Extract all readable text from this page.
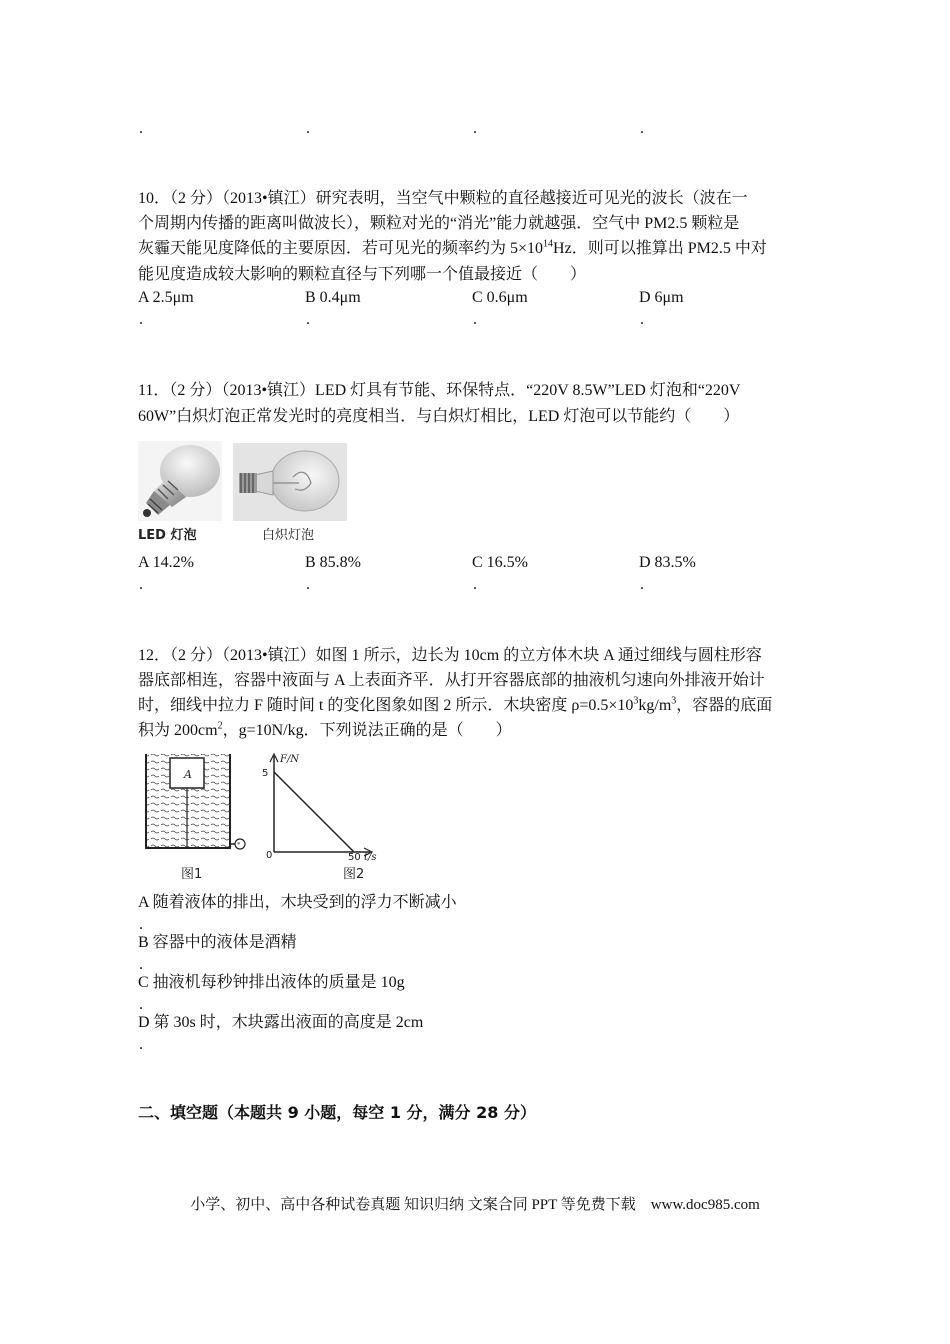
.	.	.	.
10．（2 分）（2013•镇江）研究表明，当空气中颗粒的直径越接近可见光的波长（波在一
个周期内传播的距离叫做波长），颗粒对光的“消光”能力就越强．空气中 PM2.5 颗粒是
灰霾天能见度降低的主要原因．若可见光的频率约为 $5\times 10^{14}Hz$．则可以推算出 PM2.5 中对
能见度造成较大影响的颗粒直径与下列哪一个值最接近（　　）
A 2.5μm	B 0.4μm	C 0.6μm	D 6μm
.	.	.	.
11．（2 分）（2013•镇江）LED 灯具有节能、环保特点．“220V 8.5W”LED 灯泡和“220V
60W”白炽灯泡正常发光时的亮度相当．与白炽灯相比，LED 灯泡可以节能约（　　）
LED 灯泡	白炽灯泡
A 14.2%	B 85.8%	C 16.5%	D 83.5%
.	.	.	.
12．（2 分）（2013•镇江）如图 1 所示，边长为 10cm 的立方体木块 A 通过细线与圆柱形容
器底部相连，容器中液面与 A 上表面齐平．从打开容器底部的抽液机匀速向外排液开始计
时，细线中拉力 F 随时间 t 的变化图象如图 2 所示．木块密度 $\rho=0.5\times 10^3kg/m^3$，容器的底面
积为 $200cm^2$，g=10N/kg．下列说法正确的是（　　）
A
*
图1
F/N
t/s
0
5
50
图2
A 随着液体的排出，木块受到的浮力不断减小
.
B 容器中的液体是酒精
.
C 抽液机每秒钟排出液体的质量是 10g
.
D 第 30s 时，木块露出液面的高度是 2cm
.
二、填空题（本题共 9 小题，每空 1 分，满分 28 分）
小学、初中、高中各种试卷真题 知识归纳 文案合同 PPT 等免费下载　www.doc985.com
